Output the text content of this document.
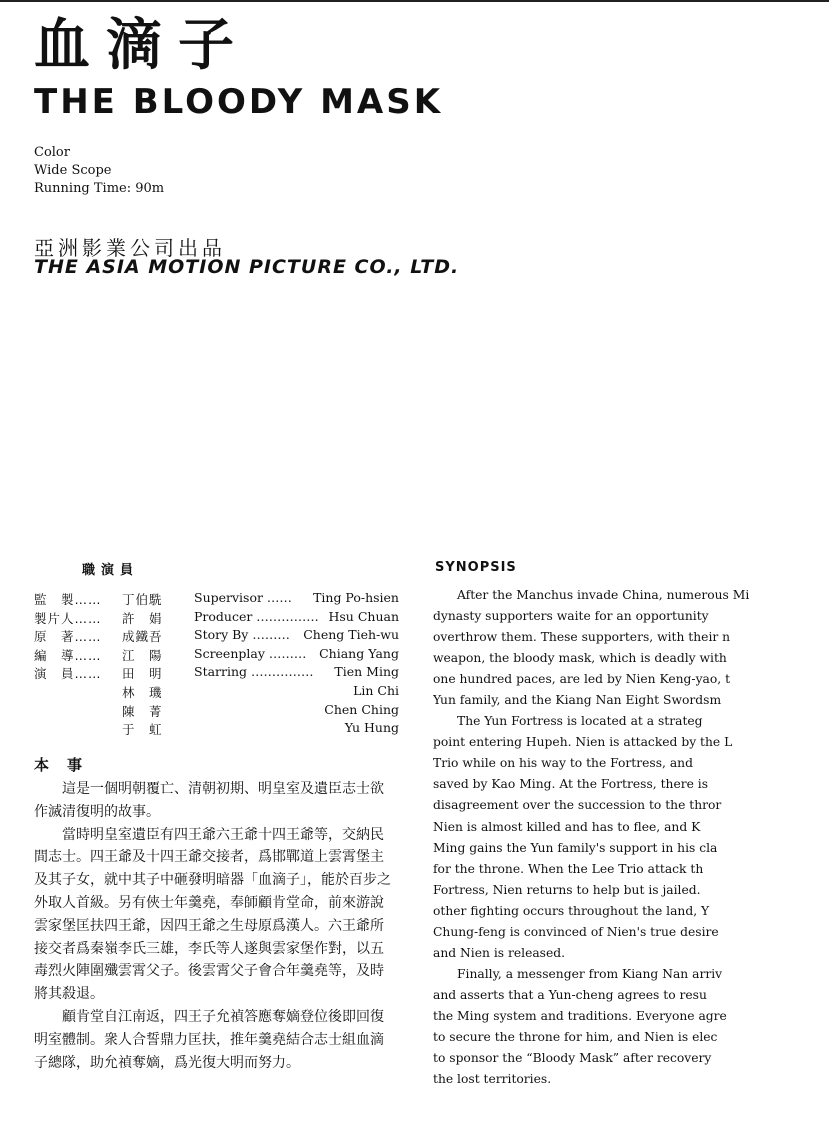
血滴子
THE BLOODY MASK
Color
Wide Scope
Running Time: 90m
亞洲影業公司出品
THE ASIA MOTION PICTURE CO., LTD.
職演員
監　製…… 丁伯駪	Supervisor …… Ting Po-hsien
製片人…… 許　娟	Producer …………… Hsu Chuan
原　著…… 成鐵吾	Story By ……… Cheng Tieh-wu
編　導…… 江　陽	Screenplay ……… Chiang Yang
演　員…… 田　明	Starring …………… Tien Ming
林　璣	Lin Chi
陳　菁	Chen Ching
于　虹	Yu Hung
本事

這是一個明朝覆亡、清朝初期、明皇室及遺臣志士欲作滅清復明的故事。

當時明皇室遺臣有四王爺六王爺十四王爺等，交納民間志士。四王爺及十四王爺交接者，爲邯鄲道上雲霄堡主及其子女，就中其子中砸發明暗器「血滴子」，能於百步之外取人首級。另有俠士年羹堯，奉師顧肯堂命，前來游說雲家堡匡扶四王爺，因四王爺之生母原爲漢人。六王爺所接交者爲秦嶺李氏三雄，李氏等人遂與雲家堡作對，以五毒烈火陣圍殲雲霄父子。後雲霄父子會合年羹堯等，及時將其殺退。

顧肯堂自江南返，四王子允禎答應奪嫡登位後即回復明室體制。衆人合誓鼎力匡扶，推年羹堯結合志士組血滴子總隊，助允禎奪嫡，爲光復大明而努力。

SYNOPSIS
After the Manchus invade China, numerous Mi
dynasty supporters waite for an opportunity
overthrow them. These supporters, with their n
weapon, the bloody mask, which is deadly with
one hundred paces, are led by Nien Keng-yao, t
Yun family, and the Kiang Nan Eight Swordsm
The Yun Fortress is located at a strateg
point entering Hupeh. Nien is attacked by the L
Trio while on his way to the Fortress, and
saved by Kao Ming. At the Fortress, there is
disagreement over the succession to the thror
Nien is almost killed and has to flee, and K
Ming gains the Yun family's support in his cla
for the throne. When the Lee Trio attack th
Fortress, Nien returns to help but is jailed.
other fighting occurs throughout the land, Y
Chung-feng is convinced of Nien's true desire
and Nien is released.
Finally, a messenger from Kiang Nan arriv
and asserts that a Yun-cheng agrees to resu
the Ming system and traditions. Everyone agre
to secure the throne for him, and Nien is elec
to sponsor the “Bloody Mask” after recovery
the lost territories.
